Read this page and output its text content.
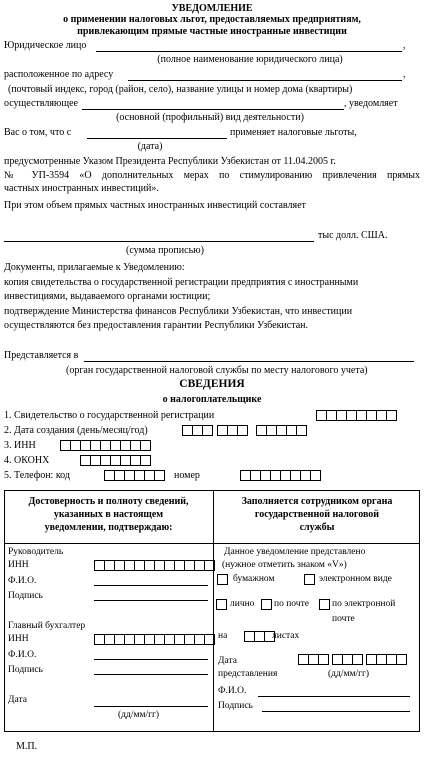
УВЕДОМЛЕНИЕ
о применении налоговых льгот, предоставляемых предприятиям,
привлекающим прямые частные иностранные инвестиции
Юридическое лицо	,
(полное наименование юридического лица)
расположенное по адресу	,
(почтовый индекс, город (район, село), название улицы и номер дома (квартиры)
осуществляющее	, уведомляет
(основной (профильный) вид деятельности)
Вас о том, что с	применяет налоговые льготы,
(дата)
предусмотренные Указом Президента Республики Узбекистан от 11.04.2005 г.
№ УП-3594 «О дополнительных мерах по стимулированию привлечения прямых
частных иностранных инвестиций».
При этом объем прямых частных иностранных инвестиций составляет
тыс долл. США.
(сумма прописью)
Документы, прилагаемые к Уведомлению:
копия свидетельства о государственной регистрации предприятия с иностранными
инвестициями, выдаваемого органами юстиции;
подтверждение Министерства финансов Республики Узбекистан, что инвестиции
осуществляются без предоставления гарантии Республики Узбекистан.
Представляется в
(орган государственной налоговой службы по месту налогового учета)
СВЕДЕНИЯ
о налогоплательщике
1. Свидетельство о государственной регистрации
2. Дата создания (день/месяц/год)
3. ИНН
4. ОКОНХ
5. Телефон: код	номер
Достоверность и полноту сведений,
указанных в настоящем
уведомлении, подтверждаю:
Заполняется сотрудником органа
государственной налоговой
службы
Руководитель
ИНН
Ф.И.О.
Подпись
Главный бухгалтер
ИНН
Ф.И.О.
Подпись
Дата
(дд/мм/гг)
Данное уведомление представлено
(нужное отметить знаком «V»)
бумажном	электронном виде
лично по почте по электронной
почте
на	листах
Дата
представления	(дд/мм/гг)
Ф.И.О.
Подпись
М.П.
